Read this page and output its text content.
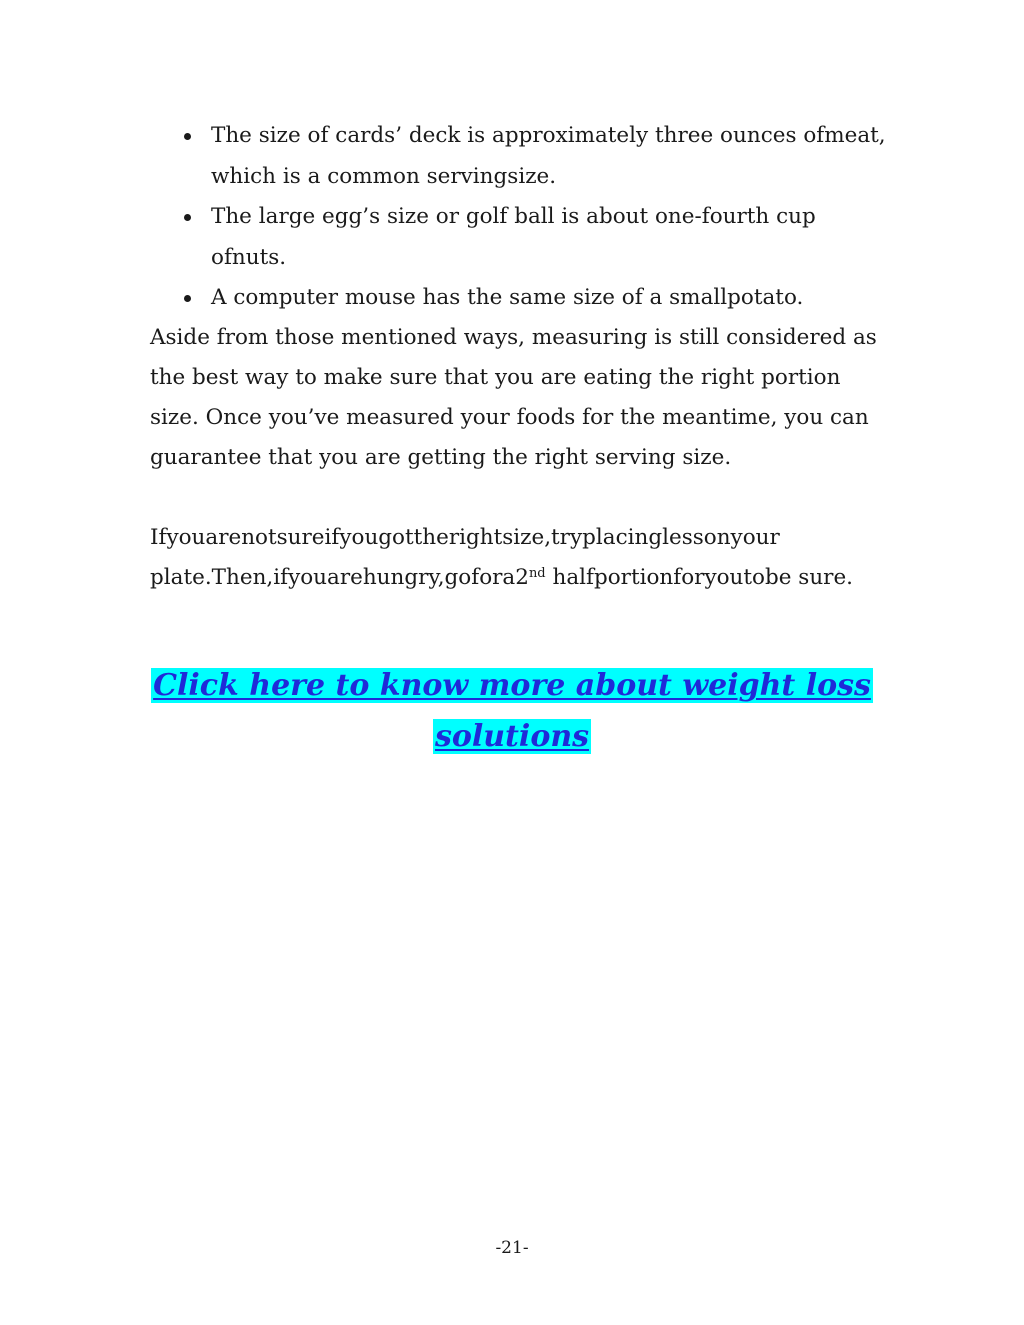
The size of cards’ deck is approximately three ounces ofmeat, which is a common servingsize.
The large egg’s size or golf ball is about one-fourth cup ofnuts.
A computer mouse has the same size of a smallpotato.

Aside from those mentioned ways, measuring is still considered as the best way to make sure that you are eating the right portion size. Once you’ve measured your foods for the meantime, you can guarantee that you are getting the right serving size.

Ifyouarenotsureifyougottherightsize,tryplacinglessonyour
plate.Then,ifyouarehungry,gofora2nd halfportionforyoutobe sure.

Click here to know more about weight loss
solutions
-21-
